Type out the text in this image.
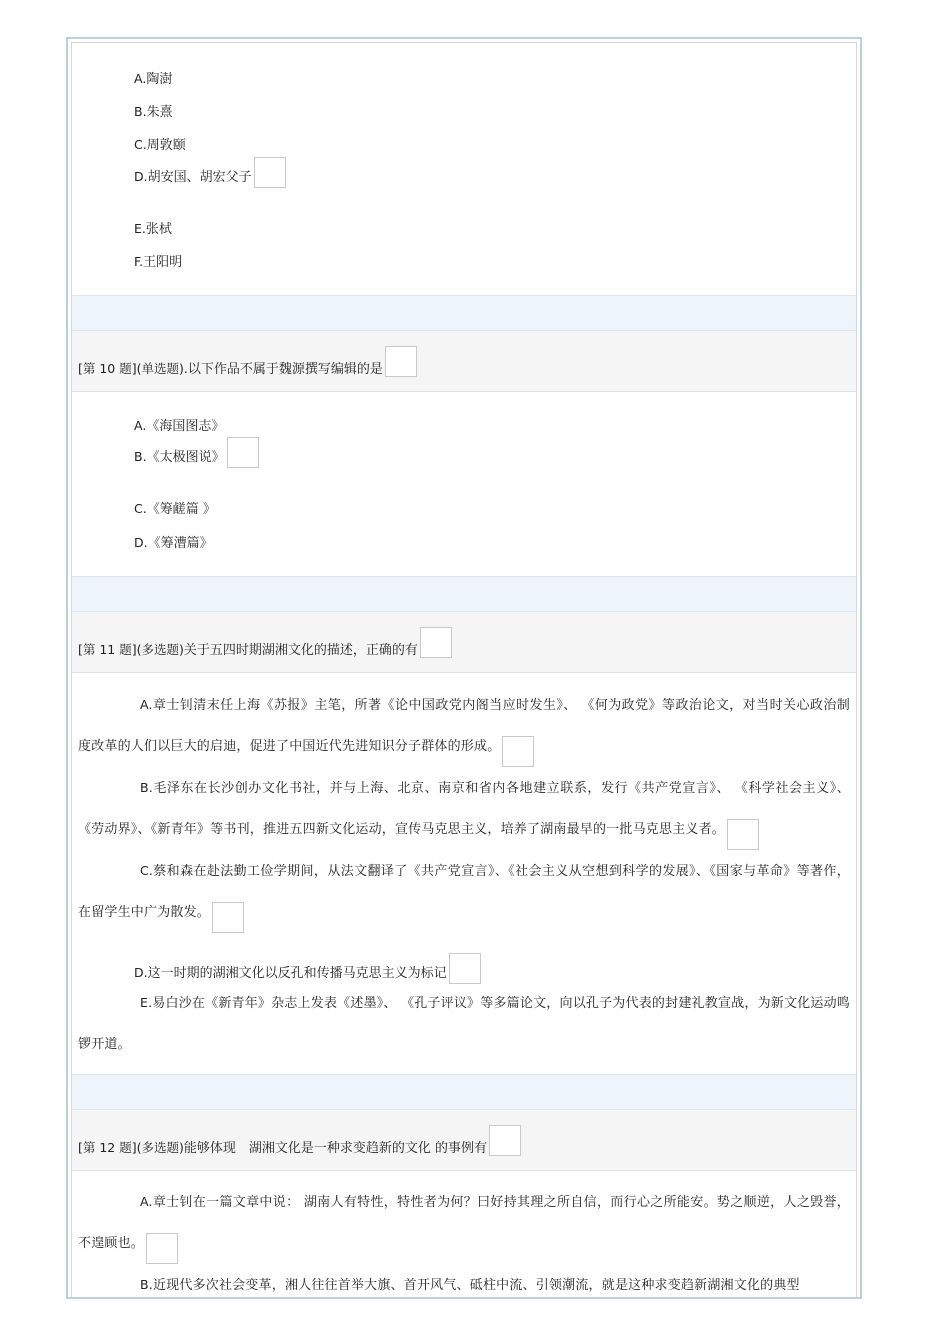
A.陶澍
B.朱熹
C.周敦颐
D.胡安国、胡宏父子
E.张栻
F.王阳明
[第 10 题](单选题).以下作品不属于魏源撰写编辑的是
A.《海国图志》
B.《太极图说》
C.《筹鹾篇 》
D.《筹漕篇》
[第 11 题](多选题)关于五四时期湖湘文化的描述，正确的有
A.章士钊清末任上海《苏报》主笔，所著《论中国政党内阁当应时发生》、 《何为政党》等政治论文，对当时关心政治制度改革的人们以巨大的启迪，促进了中国近代先进知识分子群体的形成。
B.毛泽东在长沙创办文化书社，并与上海、北京、南京和省内各地建立联系，发行《共产党宣言》、 《科学社会主义》、《劳动界》、《新青年》等书刊，推进五四新文化运动，宣传马克思主义，培养了湖南最早的一批马克思主义者。
C.蔡和森在赴法勤工俭学期间，从法文翻译了《共产党宣言》、《社会主义从空想到科学的发展》、《国家与革命》等著作，在留学生中广为散发。
D.这一时期的湖湘文化以反孔和传播马克思主义为标记
E.易白沙在《新青年》杂志上发表《述墨》、 《孔子评议》等多篇论文，向以孔子为代表的封建礼教宣战，为新文化运动鸣锣开道。
[第 12 题](多选题)能够体现　湖湘文化是一种求变趋新的文化 的事例有
A.章士钊在一篇文章中说： 湖南人有特性，特性者为何？曰好持其理之所自信，而行心之所能安。势之顺逆，人之毁誉，不遑顾也。
B.近现代多次社会变革，湘人往往首举大旗、首开风气、砥柱中流、引领潮流，就是这种求变趋新湖湘文化的典型
